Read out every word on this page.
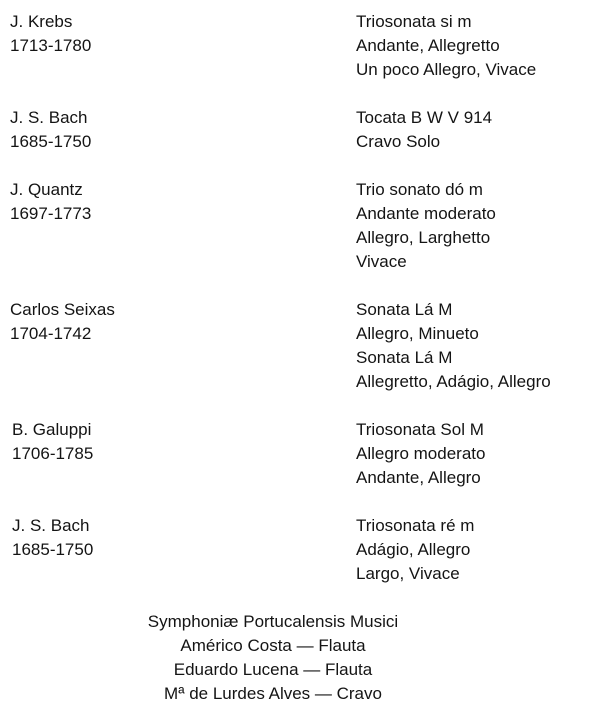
J. Krebs
1713-1780
Triosonata si m
Andante, Allegretto
Un poco Allegro, Vivace
J. S. Bach
1685-1750
Tocata B W V 914
Cravo Solo
J. Quantz
1697-1773
Trio sonato dó m
Andante moderato
Allegro, Larghetto
Vivace
Carlos Seixas
1704-1742
Sonata Lá M
Allegro, Minueto
Sonata Lá M
Allegretto, Adágio, Allegro
B. Galuppi
1706-1785
Triosonata Sol M
Allegro moderato
Andante, Allegro
J. S. Bach
1685-1750
Triosonata ré m
Adágio, Allegro
Largo, Vivace
Symphoniæ Portucalensis Musici
Américo Costa — Flauta
Eduardo Lucena — Flauta
Mª de Lurdes Alves — Cravo
